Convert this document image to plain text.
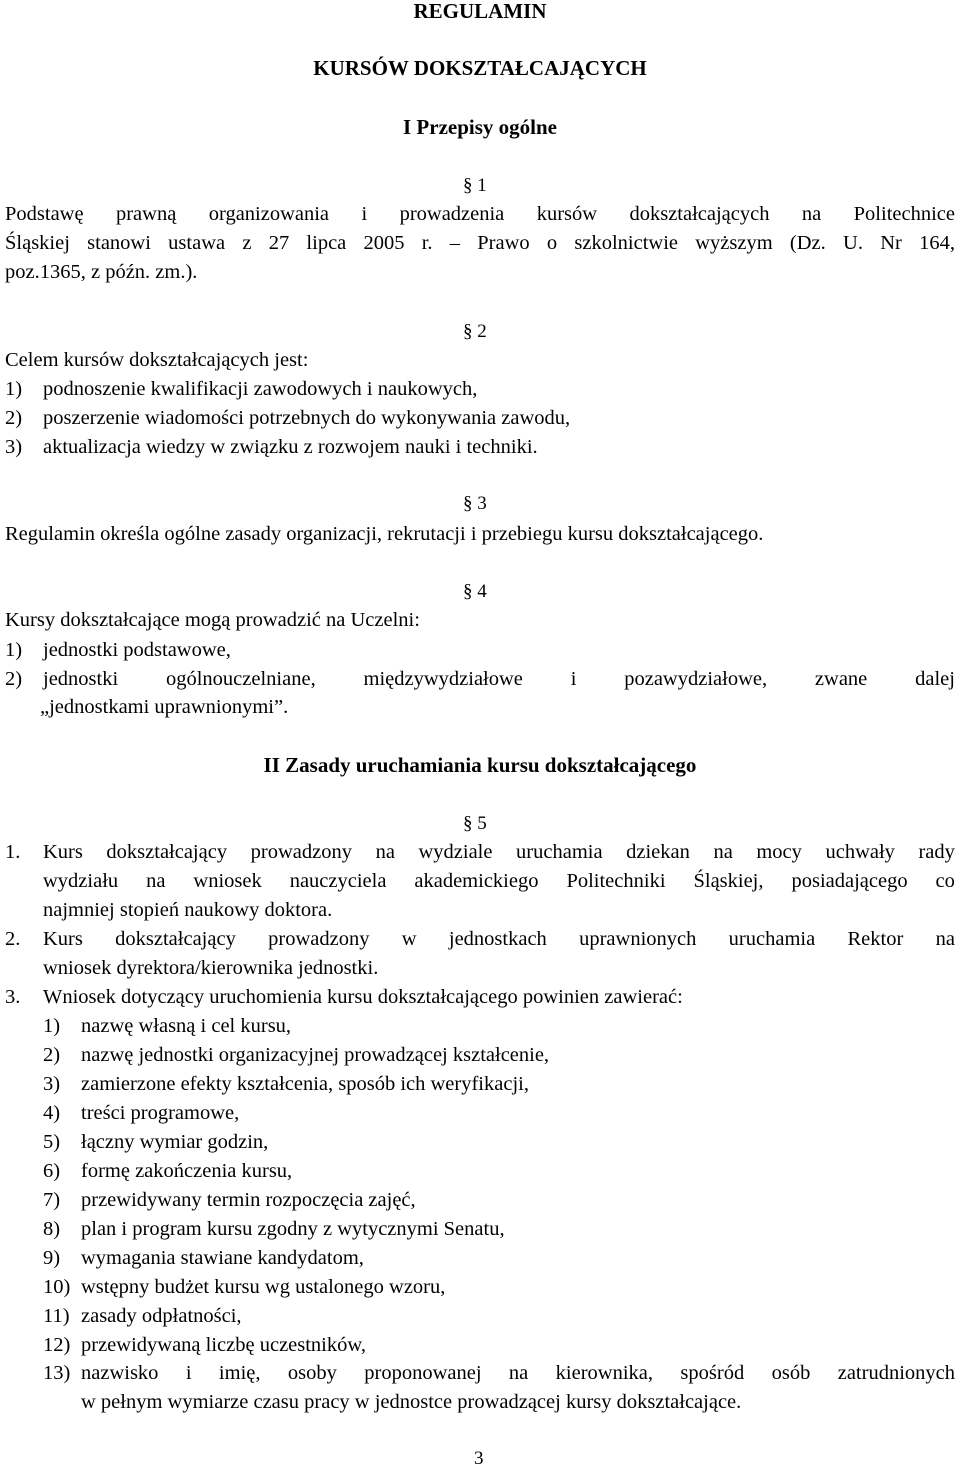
REGULAMIN
KURSÓW DOKSZTAŁCAJĄCYCH
I Przepisy ogólne
§ 1
Podstawę prawną organizowania i prowadzenia kursów dokształcających na Politechnice
Śląskiej stanowi ustawa z 27 lipca 2005 r. – Prawo o szkolnictwie wyższym (Dz. U. Nr 164,
poz.1365, z późn. zm.).
§ 2
Celem kursów dokształcających jest:
1) podnoszenie kwalifikacji zawodowych i naukowych,
2) poszerzenie wiadomości potrzebnych do wykonywania zawodu,
3) aktualizacja wiedzy w związku z rozwojem nauki i techniki.
§ 3
Regulamin określa ogólne zasady organizacji, rekrutacji i przebiegu kursu dokształcającego.
§ 4
Kursy dokształcające mogą prowadzić na Uczelni:
1) jednostki podstawowe,
2) jednostki ogólnouczelniane, międzywydziałowe i pozawydziałowe, zwane dalej
„jednostkami uprawnionymi”.
II Zasady uruchamiania kursu dokształcającego
§ 5
1. Kurs dokształcający prowadzony na wydziale uruchamia dziekan na mocy uchwały rady
wydziału na wniosek nauczyciela akademickiego Politechniki Śląskiej, posiadającego co
najmniej stopień naukowy doktora.
2. Kurs dokształcający prowadzony w jednostkach uprawnionych uruchamia Rektor na
wniosek dyrektora/kierownika jednostki.
3. Wniosek dotyczący uruchomienia kursu dokształcającego powinien zawierać:
1) nazwę własną i cel kursu,
2) nazwę jednostki organizacyjnej prowadzącej kształcenie,
3) zamierzone efekty kształcenia, sposób ich weryfikacji,
4) treści programowe,
5) łączny wymiar godzin,
6) formę zakończenia kursu,
7) przewidywany termin rozpoczęcia zajęć,
8) plan i program kursu zgodny z wytycznymi Senatu,
9) wymagania stawiane kandydatom,
10) wstępny budżet kursu wg ustalonego wzoru,
11) zasady odpłatności,
12) przewidywaną liczbę uczestników,
13) nazwisko i imię, osoby proponowanej na kierownika, spośród osób zatrudnionych
w pełnym wymiarze czasu pracy w jednostce prowadzącej kursy dokształcające.
3
